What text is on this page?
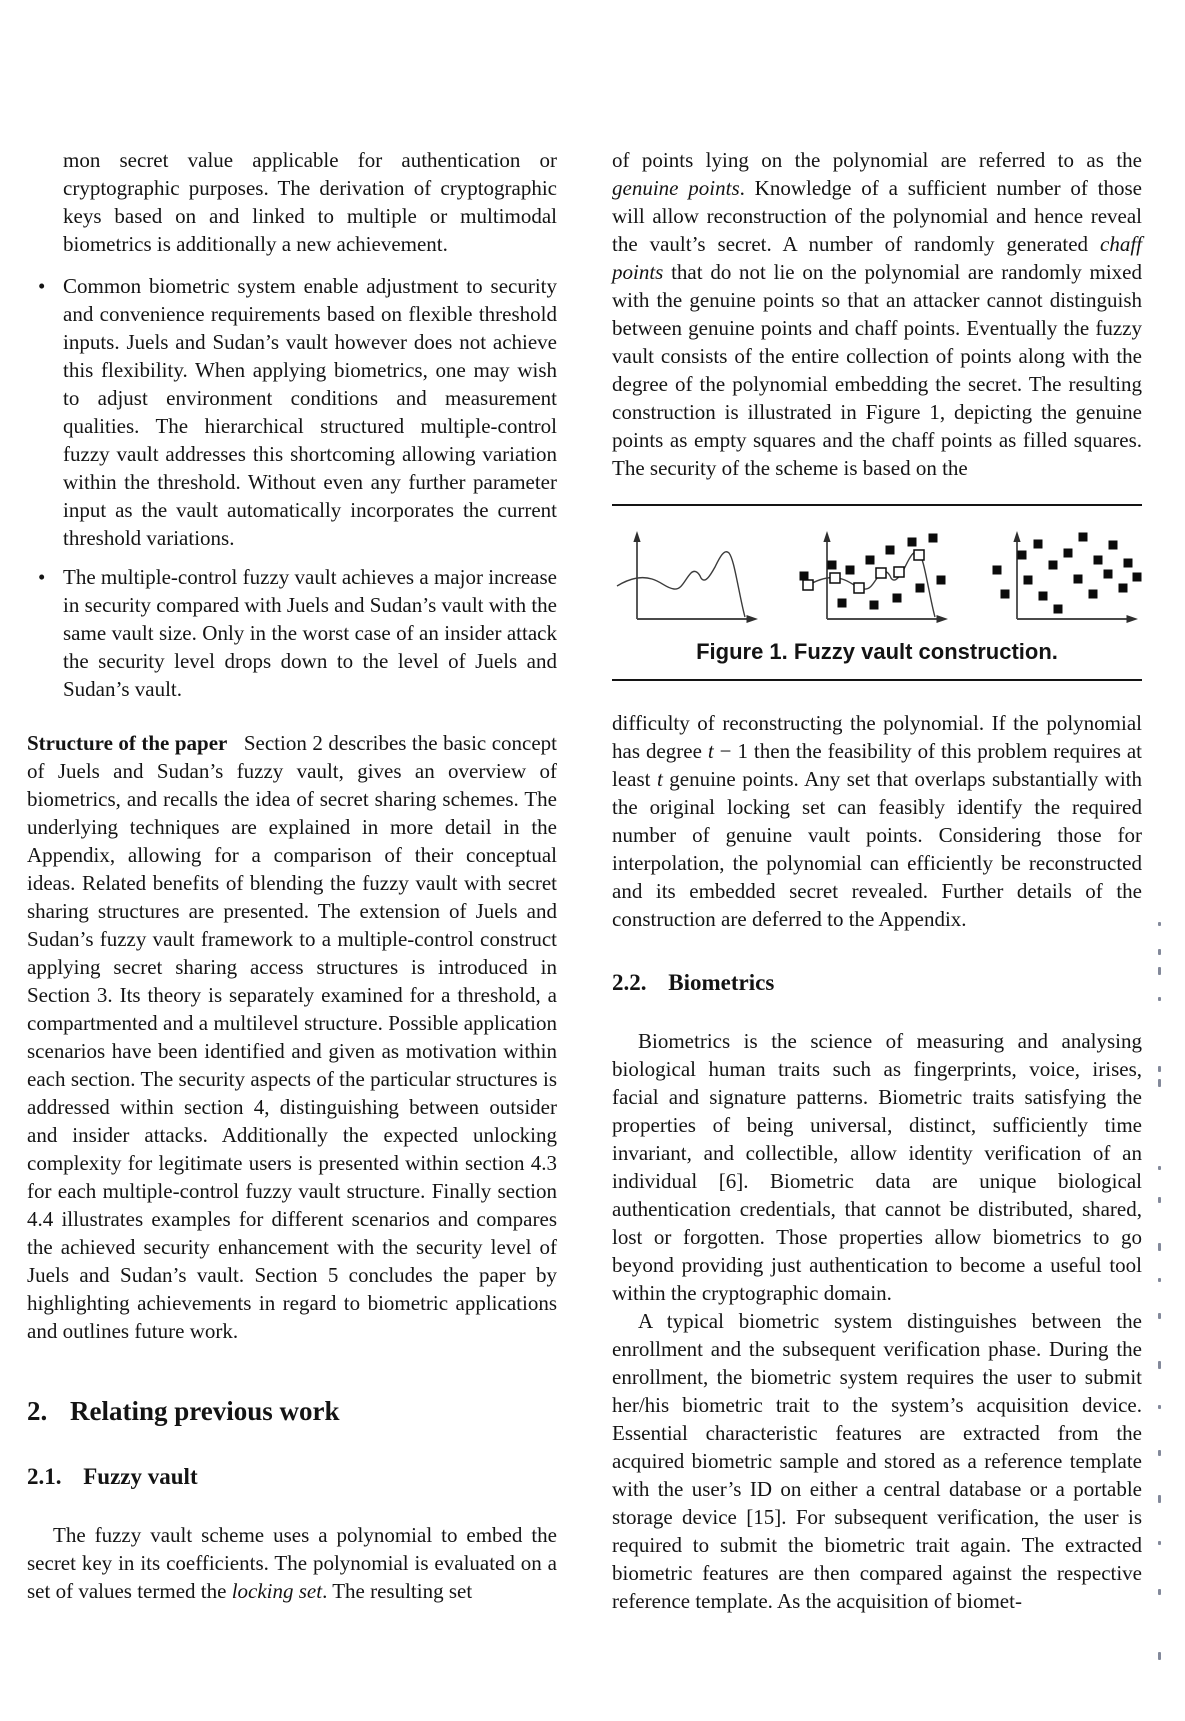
mon secret value applicable for authentication or cryptographic purposes. The derivation of cryptographic keys based on and linked to multiple or multimodal biometrics is additionally a new achievement.

• Common biometric system enable adjustment to security and convenience requirements based on flexible threshold inputs. Juels and Sudan’s vault however does not achieve this flexibility. When applying biometrics, one may wish to adjust environment conditions and measurement qualities. The hierarchical structured multiple-control fuzzy vault addresses this shortcoming allowing variation within the threshold. Without even any further parameter input as the vault automatically incorporates the current threshold variations.
• The multiple-control fuzzy vault achieves a major increase in security compared with Juels and Sudan’s vault with the same vault size. Only in the worst case of an insider attack the security level drops down to the level of Juels and Sudan’s vault.

Structure of the paper Section 2 describes the basic concept of Juels and Sudan’s fuzzy vault, gives an overview of biometrics, and recalls the idea of secret sharing schemes. The underlying techniques are explained in more detail in the Appendix, allowing for a comparison of their conceptual ideas. Related benefits of blending the fuzzy vault with secret sharing structures are presented. The extension of Juels and Sudan’s fuzzy vault framework to a multiple-control construct applying secret sharing access structures is introduced in Section 3. Its theory is separately examined for a threshold, a compartmented and a multilevel structure. Possible application scenarios have been identified and given as motivation within each section. The security aspects of the particular structures is addressed within section 4, distinguishing between outsider and insider attacks. Additionally the expected unlocking complexity for legitimate users is presented within section 4.3 for each multiple-control fuzzy vault structure. Finally section 4.4 illustrates examples for different scenarios and compares the achieved security enhancement with the security level of Juels and Sudan’s vault. Section 5 concludes the paper by highlighting achievements in regard to biometric applications and outlines future work.

2. Relating previous work
2.1. Fuzzy vault

The fuzzy vault scheme uses a polynomial to embed the secret key in its coefficients. The polynomial is evaluated on a set of values termed the locking set. The resulting set

of points lying on the polynomial are referred to as the genuine points. Knowledge of a sufficient number of those will allow reconstruction of the polynomial and hence reveal the vault’s secret. A number of randomly generated chaff points that do not lie on the polynomial are randomly mixed with the genuine points so that an attacker cannot distinguish between genuine points and chaff points. Eventually the fuzzy vault consists of the entire collection of points along with the degree of the polynomial embedding the secret. The resulting construction is illustrated in Figure 1, depicting the genuine points as empty squares and the chaff points as filled squares. The security of the scheme is based on the

Figure 1. Fuzzy vault construction.

difficulty of reconstructing the polynomial. If the polynomial has degree t − 1 then the feasibility of this problem requires at least t genuine points. Any set that overlaps substantially with the original locking set can feasibly identify the required number of genuine vault points. Considering those for interpolation, the polynomial can efficiently be reconstructed and its embedded secret revealed. Further details of the construction are deferred to the Appendix.

2.2. Biometrics

Biometrics is the science of measuring and analysing biological human traits such as fingerprints, voice, irises, facial and signature patterns. Biometric traits satisfying the properties of being universal, distinct, sufficiently time invariant, and collectible, allow identity verification of an individual [6]. Biometric data are unique biological authentication credentials, that cannot be distributed, shared, lost or forgotten. Those properties allow biometrics to go beyond providing just authentication to become a useful tool within the cryptographic domain.

A typical biometric system distinguishes between the enrollment and the subsequent verification phase. During the enrollment, the biometric system requires the user to submit her/his biometric trait to the system’s acquisition device. Essential characteristic features are extracted from the acquired biometric sample and stored as a reference template with the user’s ID on either a central database or a portable storage device [15]. For subsequent verification, the user is required to submit the biometric trait again. The extracted biometric features are then compared against the respective reference template. As the acquisition of biomet-
